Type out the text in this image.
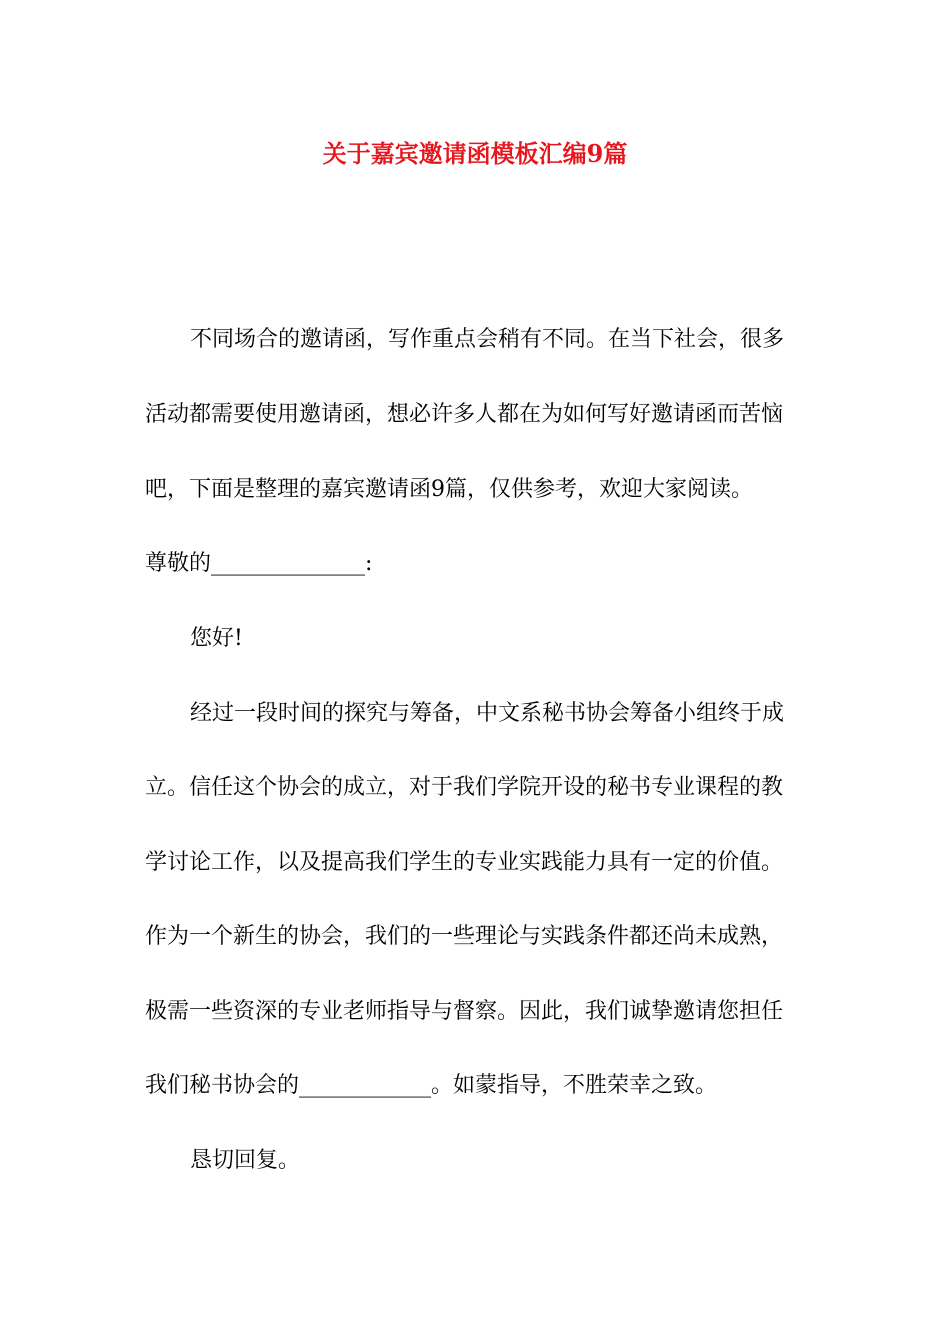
关于嘉宾邀请函模板汇编9篇

不同场合的邀请函，写作重点会稍有不同。在当下社会，很多

活动都需要使用邀请函，想必许多人都在为如何写好邀请函而苦恼

吧，下面是整理的嘉宾邀请函9篇，仅供参考，欢迎大家阅读。

尊敬的______________:

您好!

经过一段时间的探究与筹备，中文系秘书协会筹备小组终于成

立。信任这个协会的成立，对于我们学院开设的秘书专业课程的教

学讨论工作，以及提高我们学生的专业实践能力具有一定的价值。

作为一个新生的协会，我们的一些理论与实践条件都还尚未成熟，

极需一些资深的专业老师指导与督察。因此，我们诚挚邀请您担任

我们秘书协会的____________。如蒙指导，不胜荣幸之致。

恳切回复。
